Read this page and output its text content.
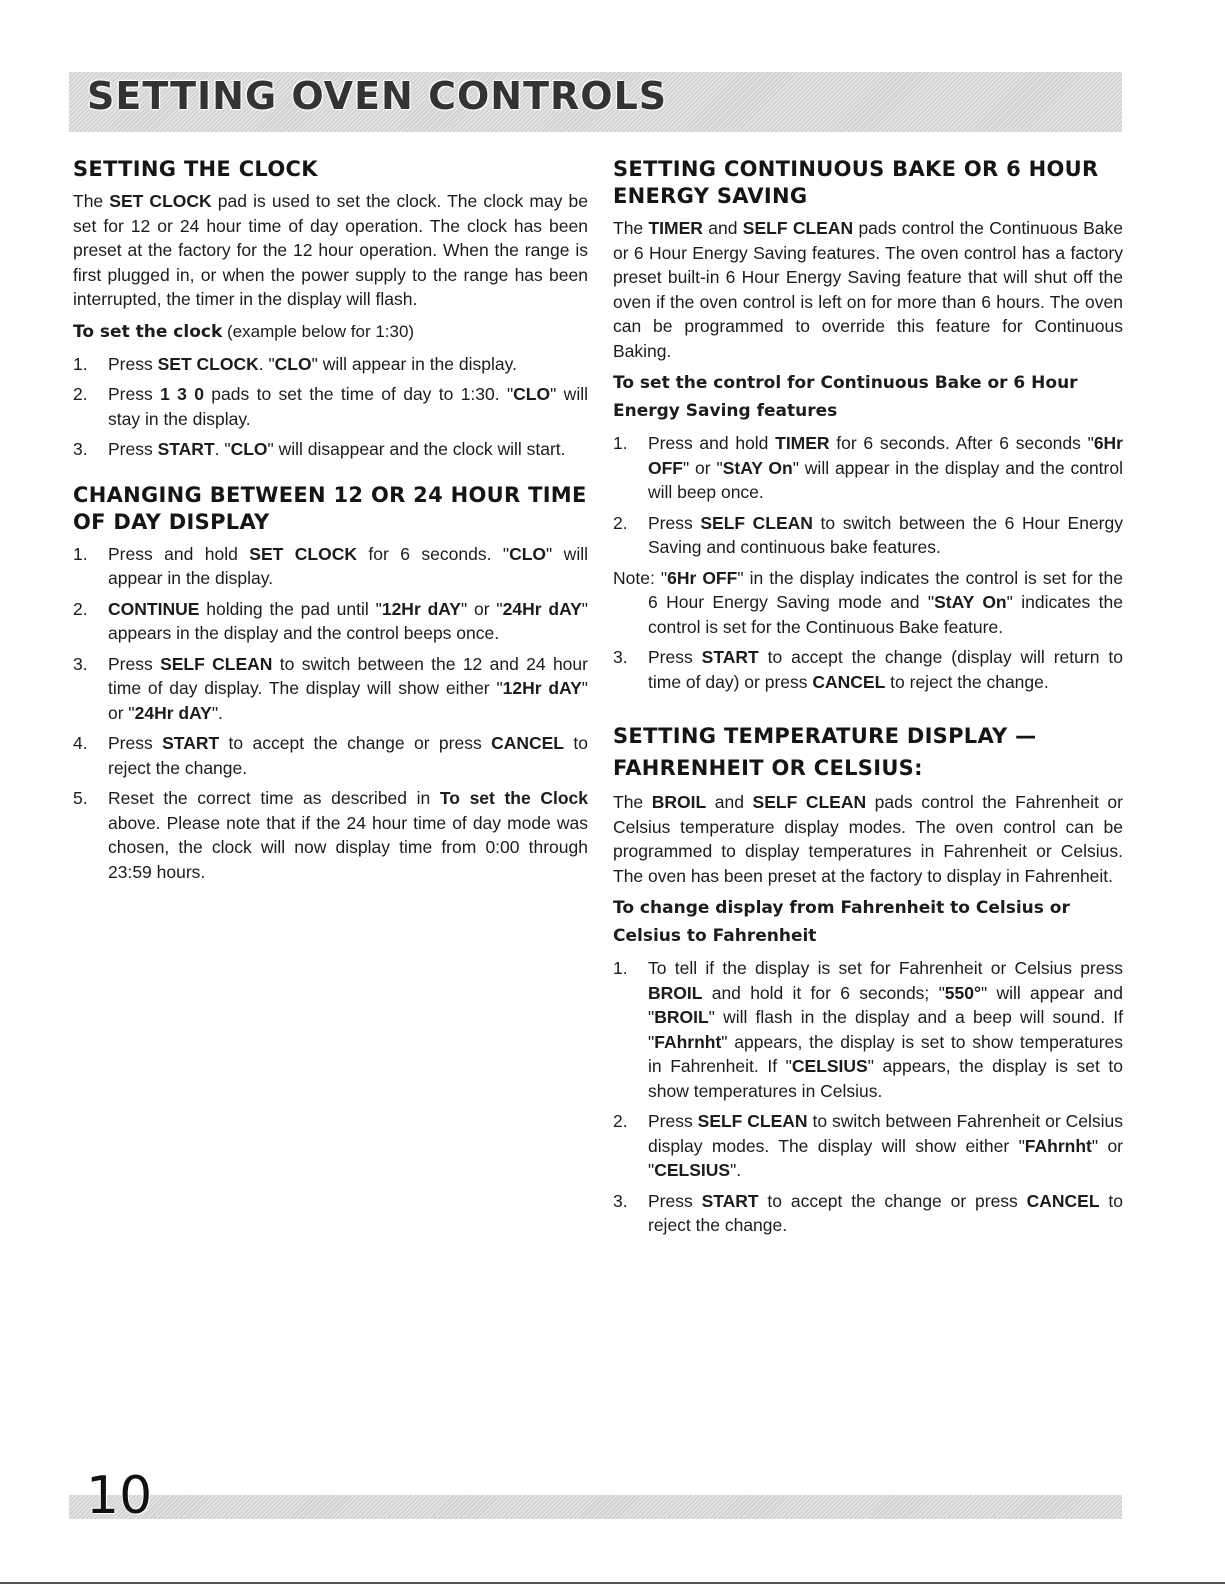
SETTING OVEN CONTROLS
SETTING THE CLOCK

The SET CLOCK pad is used to set the clock. The clock may be set for 12 or 24 hour time of day operation. The clock has been preset at the factory for the 12 hour operation. When the range is first plugged in, or when the power supply to the range has been interrupted, the timer in the display will flash.

To set the clock (example below for 1:30)

1. Press SET CLOCK. "CLO" will appear in the display.
2. Press 1 3 0 pads to set the time of day to 1:30. "CLO" will stay in the display.
3. Press START. "CLO" will disappear and the clock will start.
CHANGING BETWEEN 12 OR 24 HOUR TIME OF DAY DISPLAY
1. Press and hold SET CLOCK for 6 seconds. "CLO" will appear in the display.
2. CONTINUE holding the pad until "12Hr dAY" or "24Hr dAY" appears in the display and the control beeps once.
3. Press SELF CLEAN to switch between the 12 and 24 hour time of day display. The display will show either "12Hr dAY" or "24Hr dAY".
4. Press START to accept the change or press CANCEL to reject the change.
5. Reset the correct time as described in To set the Clock above. Please note that if the 24 hour time of day mode was chosen, the clock will now display time from 0:00 through 23:59 hours.
SETTING CONTINUOUS BAKE OR 6 HOUR ENERGY SAVING

The TIMER and SELF CLEAN pads control the Continuous Bake or 6 Hour Energy Saving features. The oven control has a factory preset built-in 6 Hour Energy Saving feature that will shut off the oven if the oven control is left on for more than 6 hours. The oven can be programmed to override this feature for Continuous Baking.

To set the control for Continuous Bake or 6 Hour Energy Saving features

1. Press and hold TIMER for 6 seconds. After 6 seconds "6Hr OFF" or "StAY On" will appear in the display and the control will beep once.
2. Press SELF CLEAN to switch between the 6 Hour Energy Saving and continuous bake features.
Note: "6Hr OFF" in the display indicates the control is set for the 6 Hour Energy Saving mode and "StAY On" indicates the control is set for the Continuous Bake feature.
3. Press START to accept the change (display will return to time of day) or press CANCEL to reject the change.
SETTING TEMPERATURE DISPLAY — FAHRENHEIT OR CELSIUS:

The BROIL and SELF CLEAN pads control the Fahrenheit or Celsius temperature display modes. The oven control can be programmed to display temperatures in Fahrenheit or Celsius. The oven has been preset at the factory to display in Fahrenheit.

To change display from Fahrenheit to Celsius or Celsius to Fahrenheit

1. To tell if the display is set for Fahrenheit or Celsius press BROIL and hold it for 6 seconds; "550°" will appear and "BROIL" will flash in the display and a beep will sound. If "FAhrnht" appears, the display is set to show temperatures in Fahrenheit. If "CELSIUS" appears, the display is set to show temperatures in Celsius.
2. Press SELF CLEAN to switch between Fahrenheit or Celsius display modes. The display will show either "FAhrnht" or "CELSIUS".
3. Press START to accept the change or press CANCEL to reject the change.
10
